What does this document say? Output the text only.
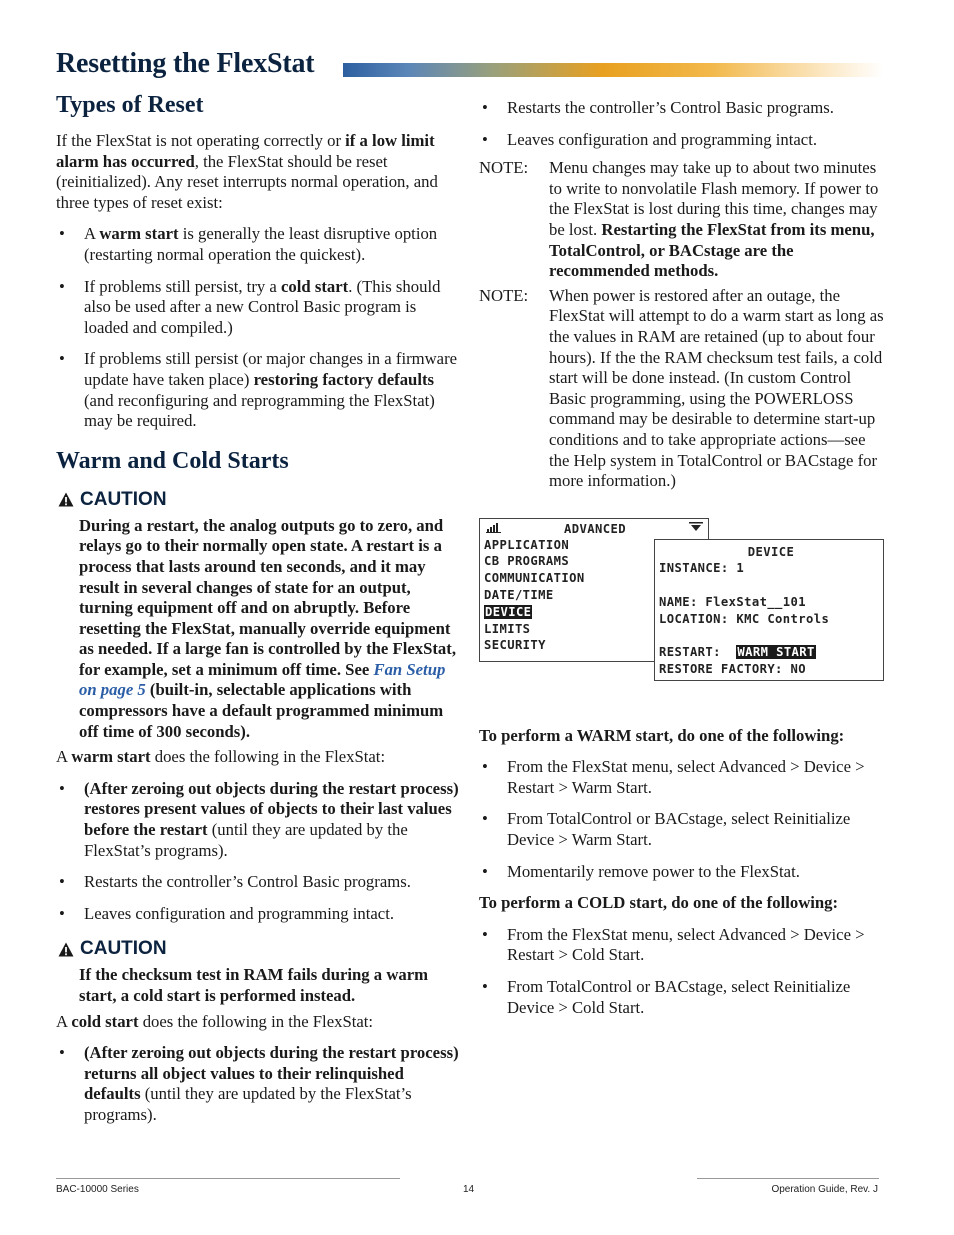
Resetting the FlexStat
Types of Reset

If the FlexStat is not operating correctly or if a low limit alarm has occurred, the FlexStat should be reset (reinitialized). Any reset interrupts normal operation, and three types of reset exist:

• A warm start is generally the least disruptive option (restarting normal operation the quickest).
• If problems still persist, try a cold start. (This should also be used after a new Control Basic program is loaded and compiled.)
• If problems still persist (or major changes in a firmware update have taken place) restoring factory defaults (and reconfiguring and reprogramming the FlexStat) may be required.
Warm and Cold Starts
CAUTION

During a restart, the analog outputs go to zero, and relays go to their normally open state. A restart is a process that lasts around ten seconds, and it may result in several changes of state for an output, turning equipment off and on abruptly. Before resetting the FlexStat, manually override equipment as needed. If a large fan is controlled by the FlexStat, for example, set a minimum off time. See Fan Setup on page 5 (built-in, selectable applications with compressors have a default programmed minimum off time of 300 seconds).

A warm start does the following in the FlexStat:

• (After zeroing out objects during the restart process) restores present values of objects to their last values before the restart (until they are updated by the FlexStat’s programs).
• Restarts the controller’s Control Basic programs.
• Leaves configuration and programming intact.
CAUTION

If the checksum test in RAM fails during a warm start, a cold start is performed instead.

A cold start does the following in the FlexStat:

• (After zeroing out objects during the restart process) returns all object values to their relinquished defaults (until they are updated by the FlexStat’s programs).
• Restarts the controller’s Control Basic programs.
• Leaves configuration and programming intact.
NOTE:	Menu changes may take up to about two minutes to write to nonvolatile Flash memory. If power to the FlexStat is lost during this time, changes may be lost. Restarting the FlexStat from its menu, TotalControl, or BACstage are the recommended methods.
NOTE:	When power is restored after an outage, the FlexStat will attempt to do a warm start as long as the values in RAM are retained (up to about four hours). If the the RAM checksum test fails, a cold start will be done instead. (In custom Control Basic programming, using the POWERLOSS command may be desirable to determine start-up conditions and to take appropriate actions—see the Help system in TotalControl or BACstage for more information.)
ADVANCED
APPLICATION
CB PROGRAMS
COMMUNICATION
DATE/TIME
DEVICE
LIMITS
SECURITY
DEVICE
INSTANCE: 1
NAME: FlexStat__101
LOCATION: KMC Controls
RESTART: WARM START
RESTORE FACTORY: NO

To perform a WARM start, do one of the following:

• From the FlexStat menu, select Advanced > Device > Restart > Warm Start.
• From TotalControl or BACstage, select Reinitialize Device > Warm Start.
• Momentarily remove power to the FlexStat.

To perform a COLD start, do one of the following:

• From the FlexStat menu, select Advanced > Device > Restart > Cold Start.
• From TotalControl or BACstage, select Reinitialize Device > Cold Start.
BAC-10000 Series	14	Operation Guide, Rev. J
